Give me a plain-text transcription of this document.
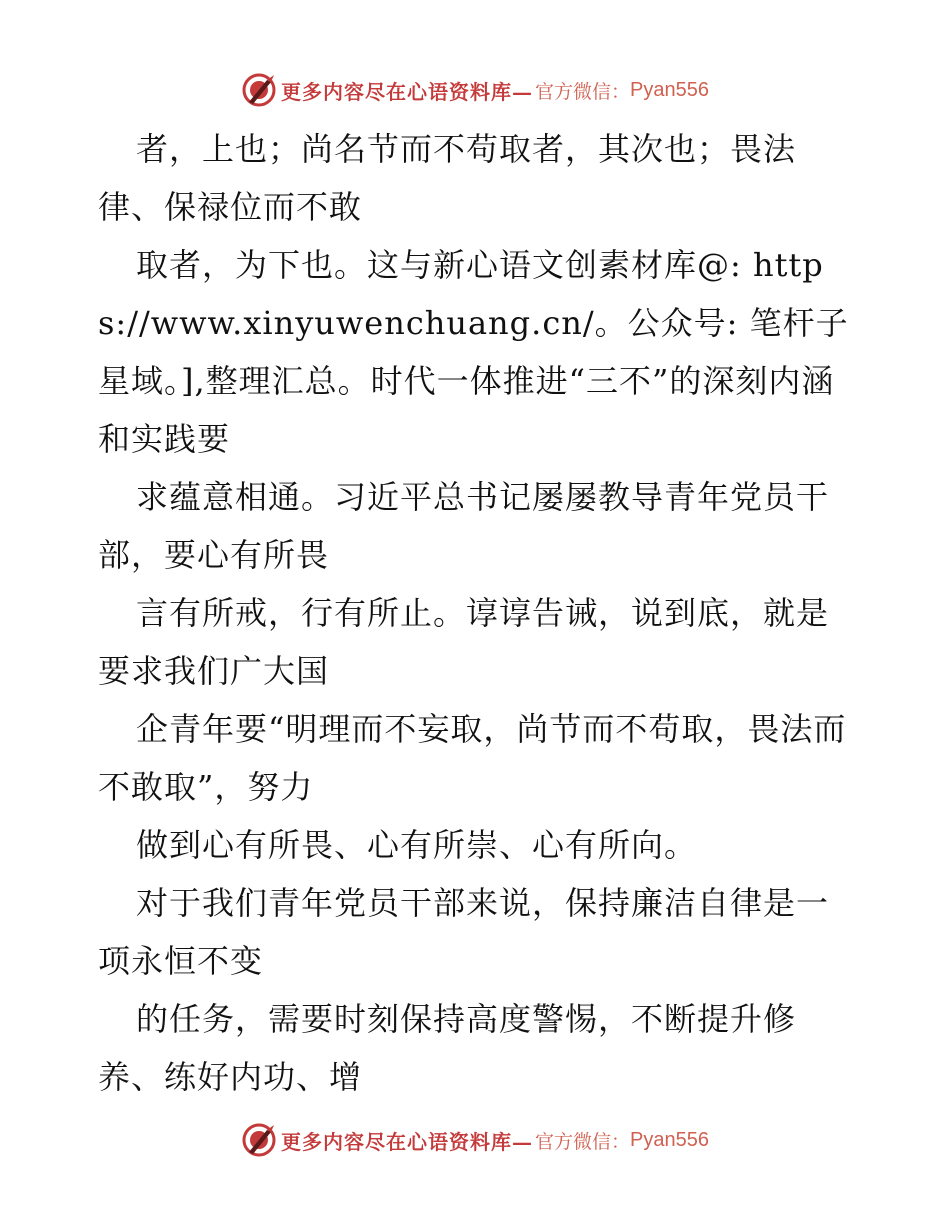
更多内容尽在心语资料库— 官方微信： Pyan556

者，上也；尚名节而不苟取者，其次也；畏法律、保禄位而不敢

取者，为下也。这与新心语文创素材库@: https://www.xinyuwenchuang.cn/。公众号: 笔杆子星域。],整理汇总。时代一体推进“三不”的深刻内涵和实践要

求蕴意相通。习近平总书记屡屡教导青年党员干部，要心有所畏

言有所戒，行有所止。谆谆告诫，说到底，就是要求我们广大国

企青年要“明理而不妄取，尚节而不苟取，畏法而不敢取”，努力

做到心有所畏、心有所崇、心有所向。

对于我们青年党员干部来说，保持廉洁自律是一项永恒不变

的任务，需要时刻保持高度警惕，不断提升修养、练好内功、增

更多内容尽在心语资料库— 官方微信： Pyan556
